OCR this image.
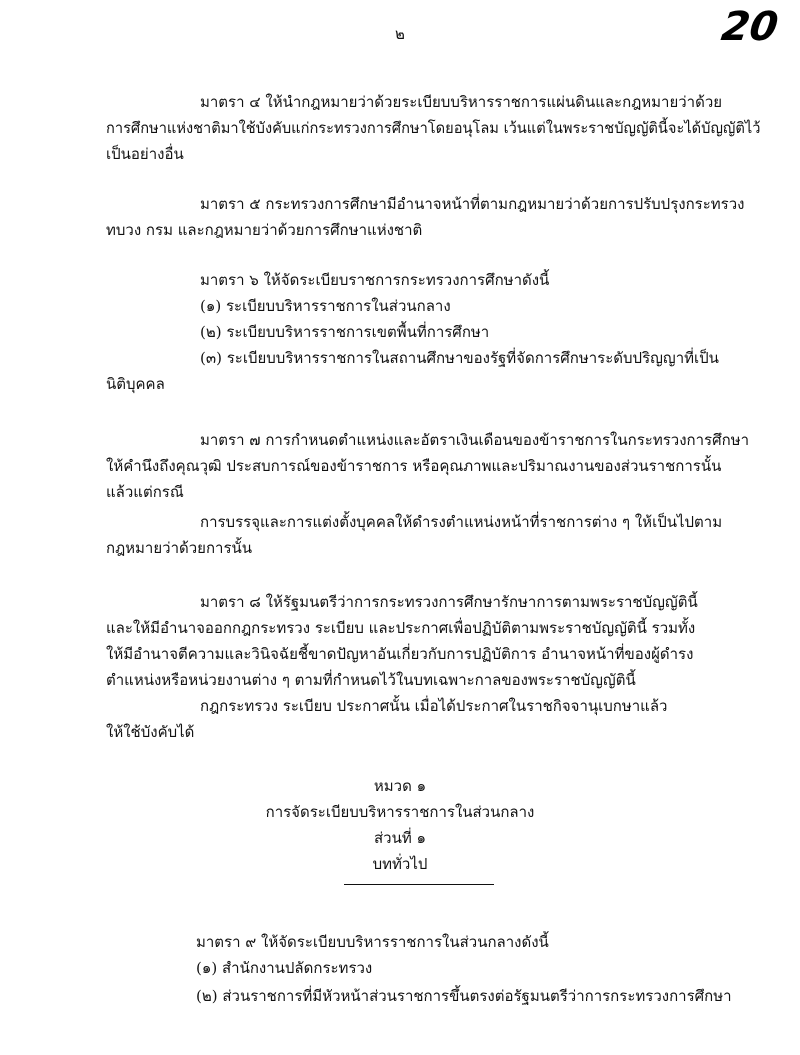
๒	20
มาตรา ๔ ให้นำกฎหมายว่าด้วยระเบียบบริหารราชการแผ่นดินและกฎหมายว่าด้วย
การศึกษาแห่งชาติมาใช้บังคับแก่กระทรวงการศึกษาโดยอนุโลม เว้นแต่ในพระราชบัญญัตินี้จะได้บัญญัติไว้
เป็นอย่างอื่น
มาตรา ๕ กระทรวงการศึกษามีอำนาจหน้าที่ตามกฎหมายว่าด้วยการปรับปรุงกระทรวง
ทบวง กรม และกฎหมายว่าด้วยการศึกษาแห่งชาติ
มาตรา ๖ ให้จัดระเบียบราชการกระทรวงการศึกษาดังนี้
(๑) ระเบียบบริหารราชการในส่วนกลาง
(๒) ระเบียบบริหารราชการเขตพื้นที่การศึกษา
(๓) ระเบียบบริหารราชการในสถานศึกษาของรัฐที่จัดการศึกษาระดับปริญญาที่เป็น
นิติบุคคล
มาตรา ๗ การกำหนดตำแหน่งและอัตราเงินเดือนของข้าราชการในกระทรวงการศึกษา
ให้คำนึงถึงคุณวุฒิ ประสบการณ์ของข้าราชการ หรือคุณภาพและปริมาณงานของส่วนราชการนั้น
แล้วแต่กรณี
การบรรจุและการแต่งตั้งบุคคลให้ดำรงตำแหน่งหน้าที่ราชการต่าง ๆ ให้เป็นไปตาม
กฎหมายว่าด้วยการนั้น
มาตรา ๘ ให้รัฐมนตรีว่าการกระทรวงการศึกษารักษาการตามพระราชบัญญัตินี้
และให้มีอำนาจออกกฎกระทรวง ระเบียบ และประกาศเพื่อปฏิบัติตามพระราชบัญญัตินี้ รวมทั้ง
ให้มีอำนาจตีความและวินิจฉัยชี้ขาดปัญหาอันเกี่ยวกับการปฏิบัติการ อำนาจหน้าที่ของผู้ดำรง
ตำแหน่งหรือหน่วยงานต่าง ๆ ตามที่กำหนดไว้ในบทเฉพาะกาลของพระราชบัญญัตินี้
กฎกระทรวง ระเบียบ ประกาศนั้น เมื่อได้ประกาศในราชกิจจานุเบกษาแล้ว
ให้ใช้บังคับได้
หมวด ๑
การจัดระเบียบบริหารราชการในส่วนกลาง
ส่วนที่ ๑
บททั่วไป
มาตรา ๙ ให้จัดระเบียบบริหารราชการในส่วนกลางดังนี้
(๑) สำนักงานปลัดกระทรวง
(๒) ส่วนราชการที่มีหัวหน้าส่วนราชการขึ้นตรงต่อรัฐมนตรีว่าการกระทรวงการศึกษา
